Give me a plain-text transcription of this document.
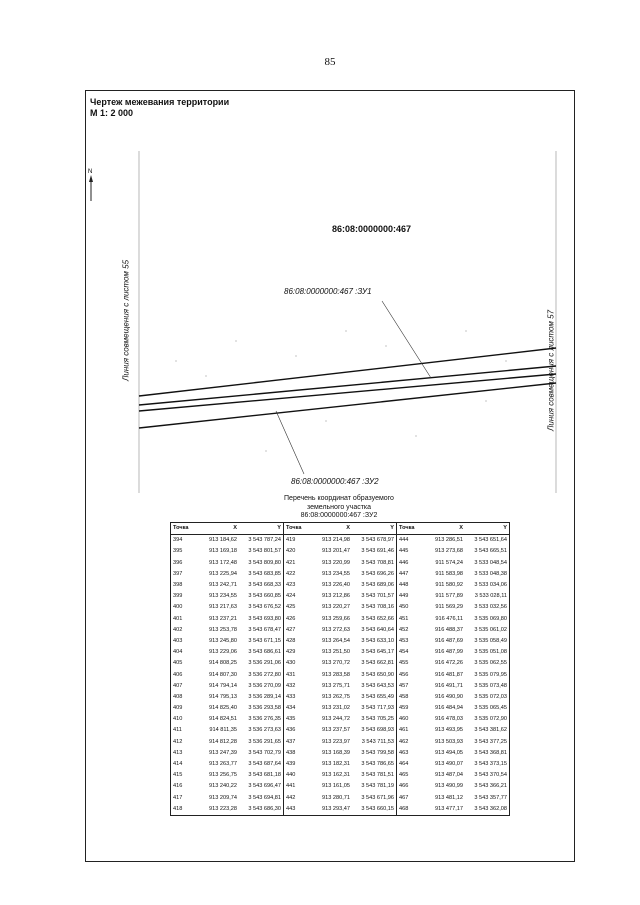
85
Чертеж межевания территории
М 1: 2 000
N
Линия совмещения с листом 55	Линия совмещения с листом 57
86:08:0000000:467
86:08:0000000:467 :ЗУ1
86:08:0000000:467 :ЗУ2
Перечень координат образуемого
земельного участка
86:08:0000000:467 :ЗУ2
Точка	X	Y	Точка	X	Y	Точка	X	Y
394	913 184,62	3 543 787,24	419	913 214,98	3 543 678,97	444	913 286,51	3 543 651,64
395	913 169,18	3 543 801,57	420	913 201,47	3 543 691,46	445	913 273,68	3 543 665,51
396	913 172,48	3 543 809,80	421	913 220,99	3 543 708,81	446	911 574,24	3 533 048,54
397	913 225,94	3 543 683,85	422	913 234,55	3 543 696,26	447	911 583,98	3 533 048,38
398	913 242,71	3 543 668,33	423	913 226,40	3 543 689,06	448	911 580,92	3 533 034,06
399	913 234,55	3 543 660,85	424	913 212,86	3 543 701,57	449	911 577,89	3 533 028,11
400	913 217,63	3 543 676,52	425	913 220,27	3 543 708,16	450	911 569,29	3 533 032,56
401	913 237,21	3 543 693,80	426	913 259,66	3 543 652,66	451	916 476,11	3 535 069,80
402	913 253,78	3 543 678,47	427	913 272,63	3 543 640,64	452	916 488,37	3 535 061,02
403	913 245,80	3 543 671,15	428	913 264,54	3 543 633,10	453	916 487,69	3 535 058,49
404	913 229,06	3 543 686,61	429	913 251,50	3 543 645,17	454	916 487,99	3 535 051,08
405	914 808,25	3 536 291,06	430	913 270,72	3 543 662,81	455	916 472,26	3 535 062,55
406	914 807,30	3 536 272,80	431	913 283,58	3 543 650,90	456	916 481,87	3 535 079,95
407	914 794,14	3 536 270,09	432	913 275,71	3 543 643,53	457	916 491,71	3 535 073,48
408	914 795,13	3 536 289,14	433	913 262,75	3 543 655,49	458	916 490,90	3 535 072,03
409	914 825,40	3 536 293,58	434	913 231,02	3 543 717,93	459	916 484,94	3 535 065,45
410	914 824,51	3 536 276,35	435	913 244,72	3 543 705,25	460	916 478,03	3 535 072,90
411	914 811,35	3 536 273,63	436	913 237,57	3 543 698,93	461	913 493,95	3 543 381,62
412	914 812,28	3 536 291,65	437	913 223,97	3 543 711,53	462	913 503,93	3 543 377,25
413	913 247,39	3 543 702,79	438	913 168,39	3 543 799,58	463	913 494,05	3 543 368,81
414	913 263,77	3 543 687,64	439	913 182,31	3 543 786,65	464	913 490,07	3 543 373,15
415	913 256,75	3 543 681,18	440	913 162,31	3 543 781,51	465	913 487,04	3 543 370,54
416	913 240,22	3 543 696,47	441	913 161,05	3 543 781,19	466	913 490,99	3 543 366,21
417	913 209,74	3 543 694,81	442	913 280,71	3 543 671,96	467	913 481,12	3 543 357,77
418	913 223,28	3 543 686,30	443	913 293,47	3 543 660,15	468	913 477,17	3 543 362,08
